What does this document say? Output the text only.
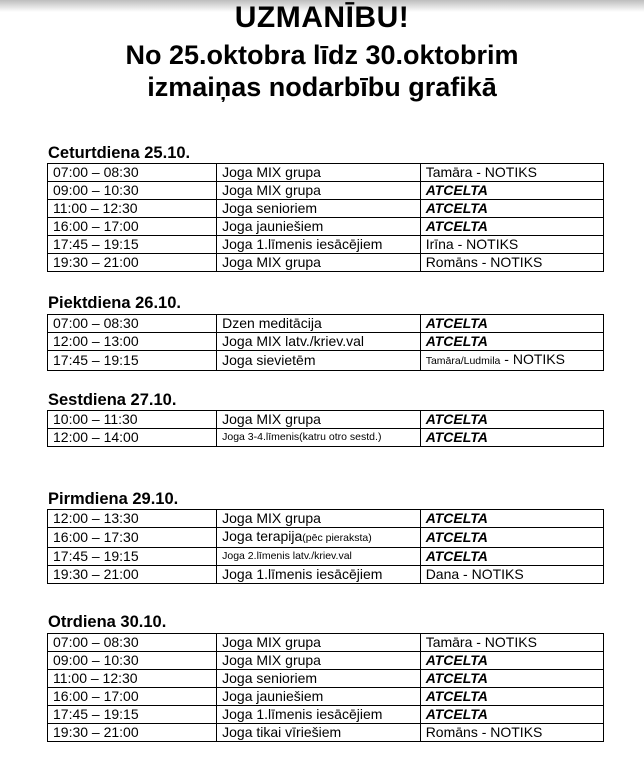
UZMANĪBU!
No 25.oktobra līdz 30.oktobrim
izmaiņas nodarbību grafikā
Ceturtdiena 25.10.
07:00 – 08:30	Joga MIX grupa	Tamāra - NOTIKS
09:00 – 10:30	Joga MIX grupa	ATCELTA
11:00 – 12:30	Joga senioriem	ATCELTA
16:00 – 17:00	Joga jauniešiem	ATCELTA
17:45 – 19:15	Joga 1.līmenis iesācējiem	Irīna - NOTIKS
19:30 – 21:00	Joga MIX grupa	Romāns - NOTIKS
Piektdiena 26.10.
07:00 – 08:30	Dzen meditācija	ATCELTA
12:00 – 13:00	Joga MIX latv./kriev.val	ATCELTA
17:45 – 19:15	Joga sievietēm	Tamāra/Ludmila - NOTIKS
Sestdiena 27.10.
10:00 – 11:30	Joga MIX grupa	ATCELTA
12:00 – 14:00	Joga 3-4.līmenis(katru otro sestd.)	ATCELTA
Pirmdiena 29.10.
12:00 – 13:30	Joga MIX grupa	ATCELTA
16:00 – 17:30	Joga terapija(pēc pieraksta)	ATCELTA
17:45 – 19:15	Joga 2.līmenis latv./kriev.val	ATCELTA
19:30 – 21:00	Joga 1.līmenis iesācējiem	Dana - NOTIKS
Otrdiena 30.10.
07:00 – 08:30	Joga MIX grupa	Tamāra - NOTIKS
09:00 – 10:30	Joga MIX grupa	ATCELTA
11:00 – 12:30	Joga senioriem	ATCELTA
16:00 – 17:00	Joga jauniešiem	ATCELTA
17:45 – 19:15	Joga 1.līmenis iesācējiem	ATCELTA
19:30 – 21:00	Joga tikai vīriešiem	Romāns - NOTIKS
